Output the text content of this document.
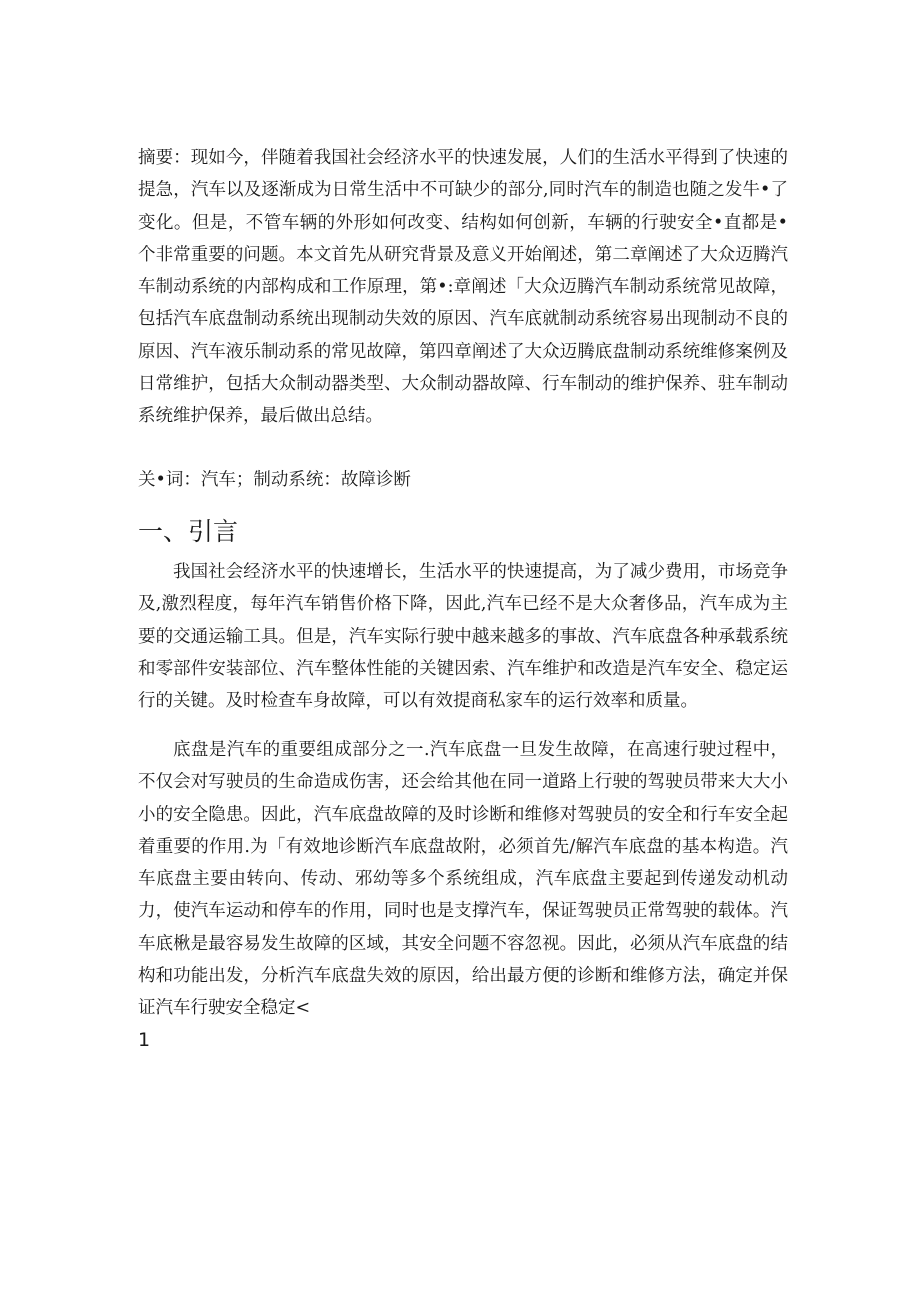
摘要：现如今，伴随着我国社会经济水平的快速发展，人们的生活水平得到了快速的提急，汽车以及逐渐成为日常生活中不可缺少的部分,同时汽车的制造也随之发牛•了变化。但是，不管车辆的外形如何改变、结构如何创新，车辆的行驶安全•直都是•个非常重要的问题。本文首先从研究背景及意义开始阐述，第二章阐述了大众迈腾汽车制动系统的内部构成和工作原理，第•:章阐述「大众迈腾汽车制动系统常见故障，包括汽车底盘制动系统出现制动失效的原因、汽车底就制动系统容易出现制动不良的原因、汽车液乐制动系的常见故障，第四章阐述了大众迈腾底盘制动系统维修案例及日常维护，包括大众制动器类型、大众制动器故障、行车制动的维护保养、驻车制动系统维护保养，最后做出总结。

关•词：汽车；制动系统：故障诊断

一、引言

我国社会经济水平的快速增长，生活水平的快速提高，为了减少费用，市场竞争及,激烈程度，每年汽车销售价格下降，因此,汽车已经不是大众奢侈品，汽车成为主要的交通运输工具。但是，汽车实际行驶中越来越多的事故、汽车底盘各种承载系统和零部件安装部位、汽车整体性能的关键因索、汽车维护和改造是汽车安全、稳定运行的关键。及时检查车身故障，可以有效提商私家车的运行效率和质量。

底盘是汽车的重要组成部分之一.汽车底盘一旦发生故障，在高速行驶过程中，不仅会对写驶员的生命造成伤害，还会给其他在同一道路上行驶的驾驶员带来大大小小的安全隐患。因此，汽车底盘故障的及时诊断和维修对驾驶员的安全和行车安全起着重要的作用.为「有效地诊断汽车底盘故附，必须首先/解汽车底盘的基本构造。汽车底盘主要由转向、传动、邪幼等多个系统组成，汽车底盘主要起到传递发动机动力，使汽车运动和停车的作用，同时也是支撑汽车，保证驾驶员正常驾驶的载体。汽车底楸是最容易发生故障的区域，其安全问题不容忽视。因此，必须从汽车底盘的结构和功能出发，分析汽车底盘失效的原因，给出最方便的诊断和维修方法，确定并保证汽车行驶安全稳定<

1
